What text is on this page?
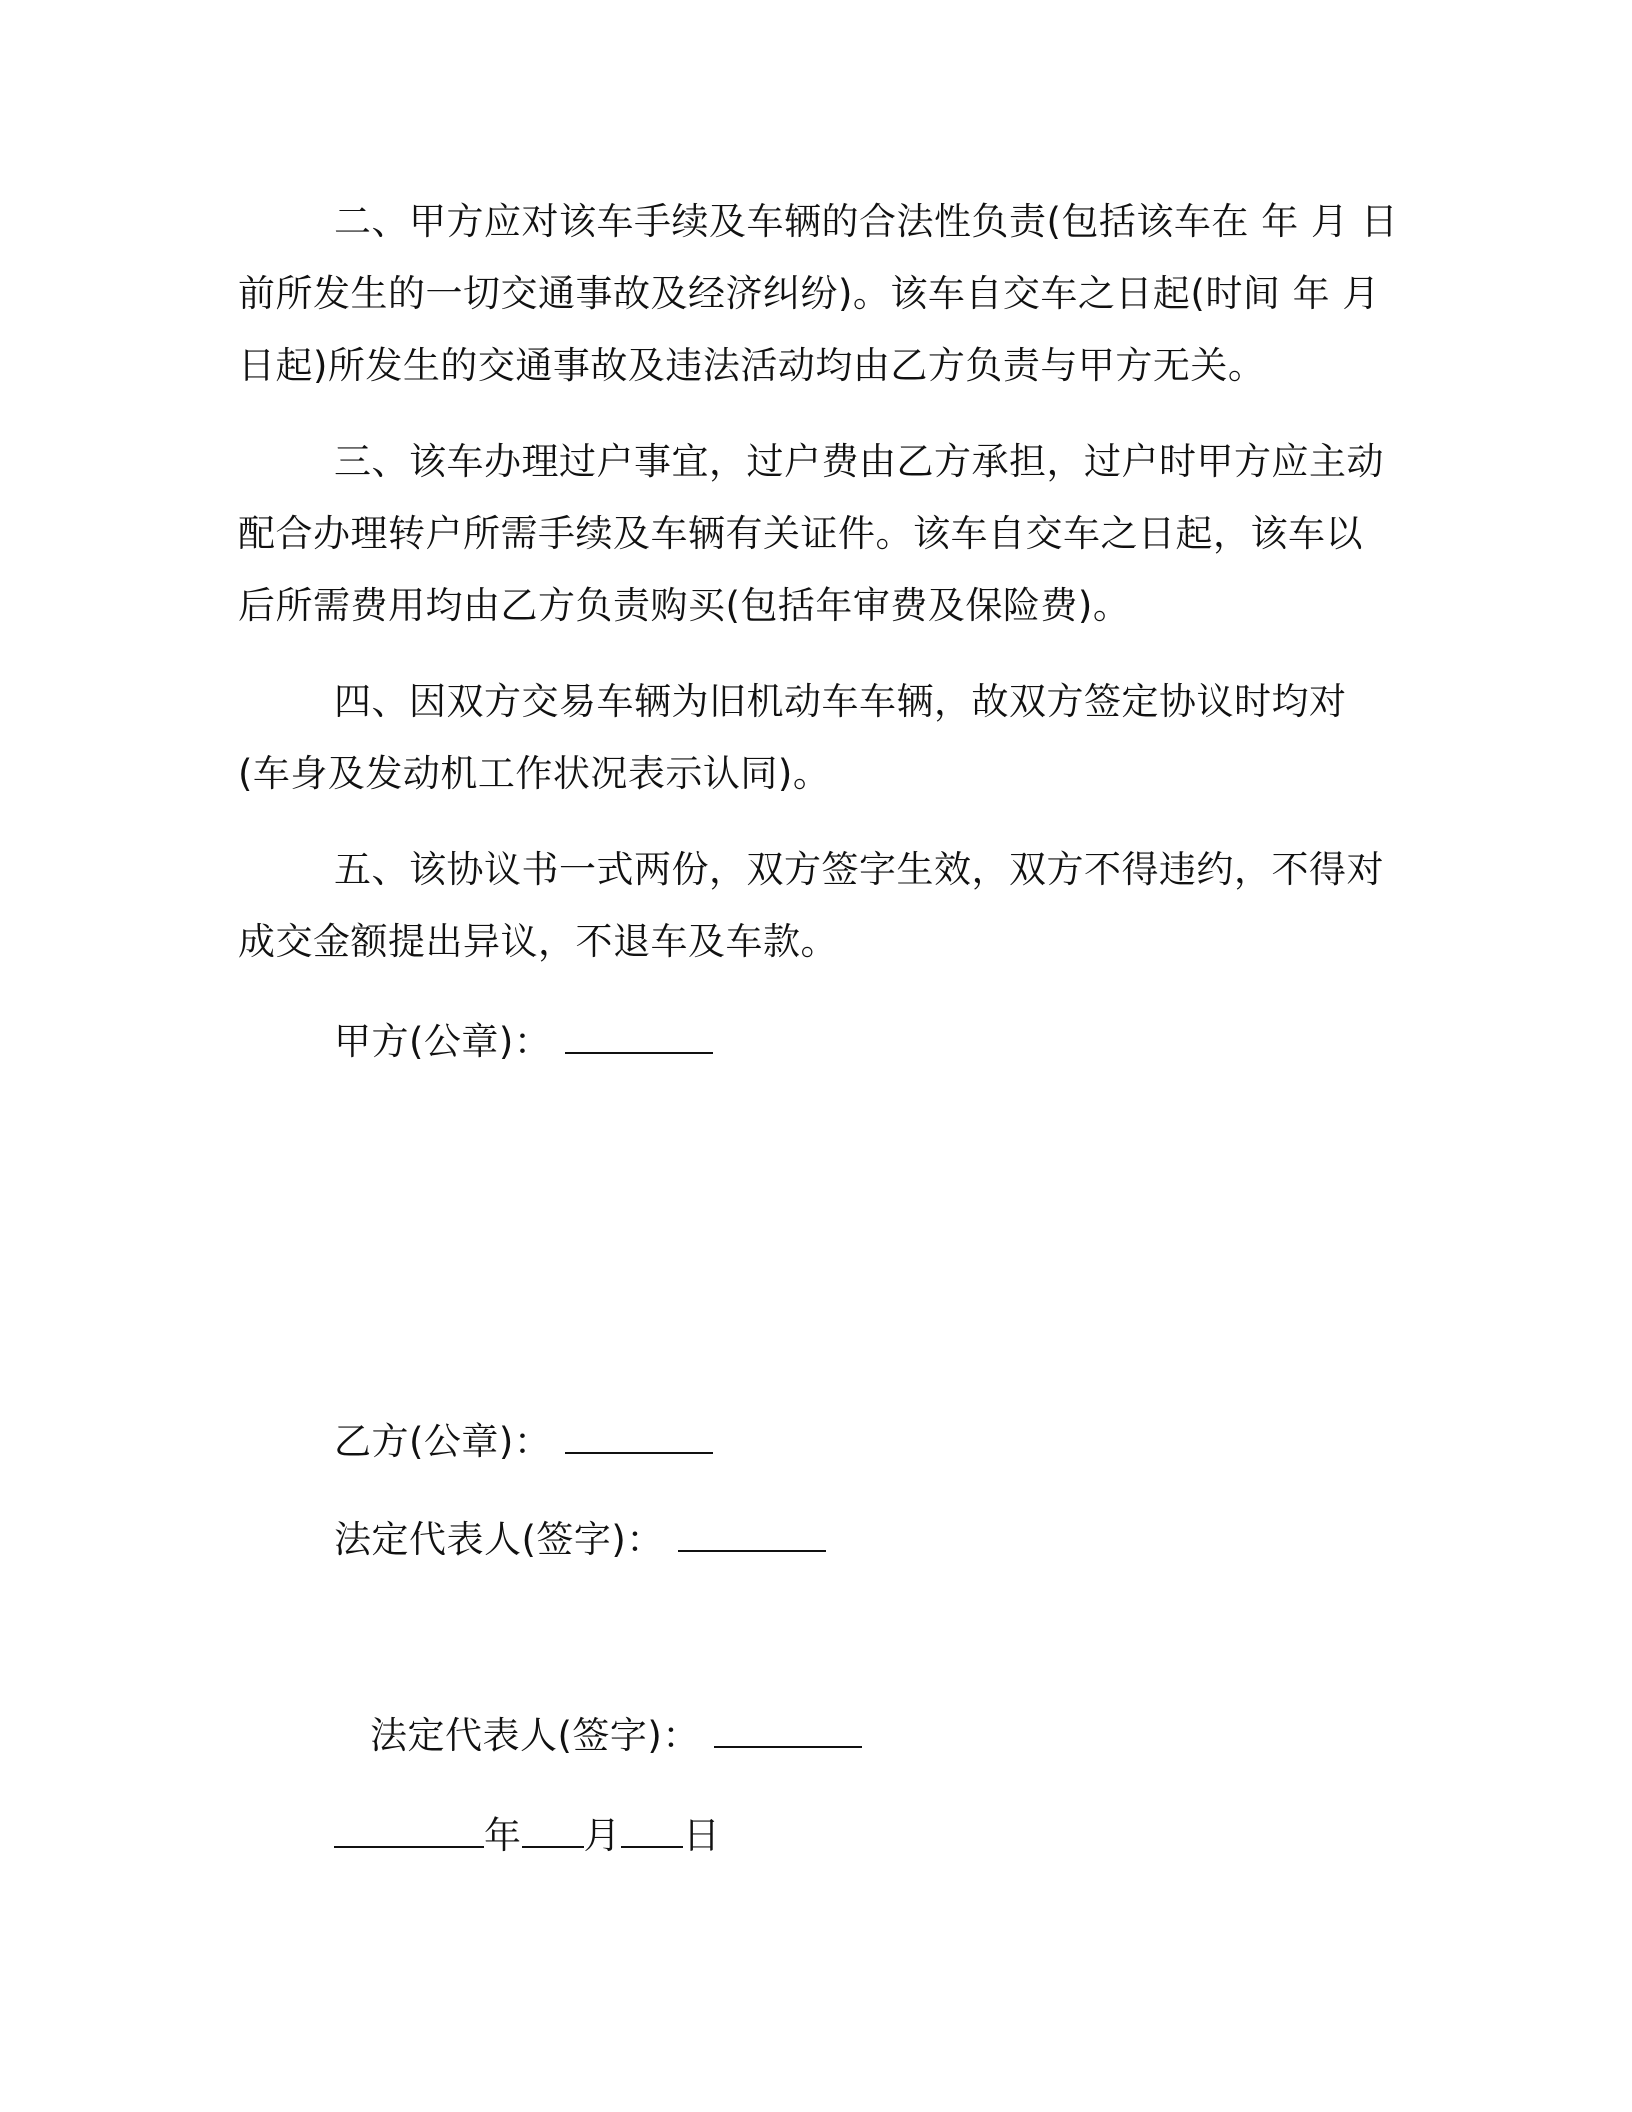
二、甲方应对该车手续及车辆的合法性负责(包括该车在 年 月 日
前所发生的一切交通事故及经济纠纷)。该车自交车之日起(时间 年 月
日起)所发生的交通事故及违法活动均由乙方负责与甲方无关。
三、该车办理过户事宜，过户费由乙方承担，过户时甲方应主动
配合办理转户所需手续及车辆有关证件。该车自交车之日起，该车以
后所需费用均由乙方负责购买(包括年审费及保险费)。
四、因双方交易车辆为旧机动车车辆，故双方签定协议时均对
(车身及发动机工作状况表示认同)。
五、该协议书一式两份，双方签字生效，双方不得违约，不得对
成交金额提出异议，不退车及车款。
甲方(公章)：
乙方(公章)：
法定代表人(签字)：
法定代表人(签字)：
年 月 日
